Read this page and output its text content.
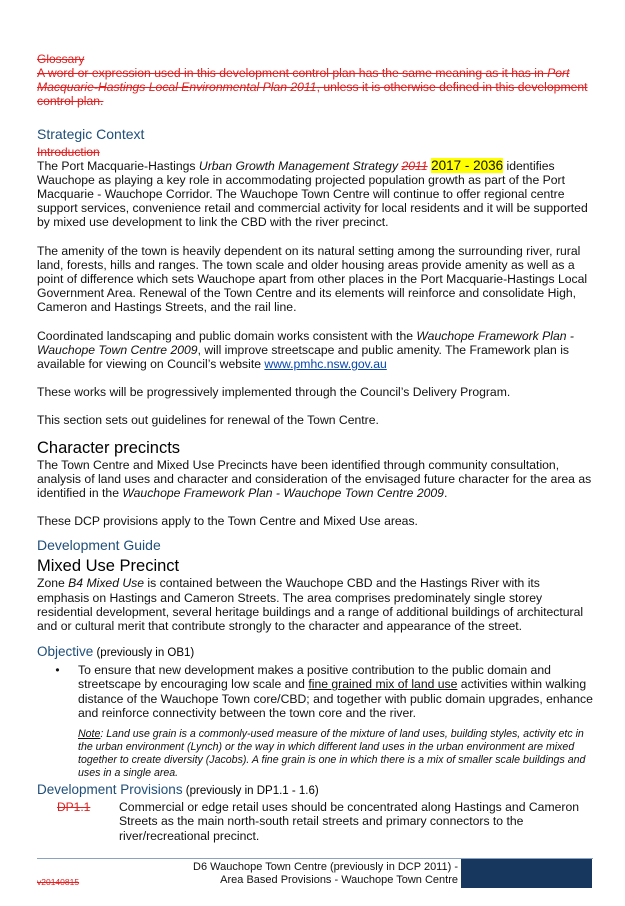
Glossary

A word or expression used in this development control plan has the same meaning as it has in Port Macquarie-Hastings Local Environmental Plan 2011, unless it is otherwise defined in this development control plan.

Strategic Context

Introduction

The Port Macquarie-Hastings Urban Growth Management Strategy 2011 2017 - 2036 identifies Wauchope as playing a key role in accommodating projected population growth as part of the Port Macquarie - Wauchope Corridor. The Wauchope Town Centre will continue to offer regional centre support services, convenience retail and commercial activity for local residents and it will be supported by mixed use development to link the CBD with the river precinct.

The amenity of the town is heavily dependent on its natural setting among the surrounding river, rural land, forests, hills and ranges. The town scale and older housing areas provide amenity as well as a point of difference which sets Wauchope apart from other places in the Port Macquarie-Hastings Local Government Area. Renewal of the Town Centre and its elements will reinforce and consolidate High, Cameron and Hastings Streets, and the rail line.

Coordinated landscaping and public domain works consistent with the Wauchope Framework Plan - Wauchope Town Centre 2009, will improve streetscape and public amenity. The Framework plan is available for viewing on Council’s website www.pmhc.nsw.gov.au

These works will be progressively implemented through the Council’s Delivery Program.

This section sets out guidelines for renewal of the Town Centre.

Character precincts

The Town Centre and Mixed Use Precincts have been identified through community consultation, analysis of land uses and character and consideration of the envisaged future character for the area as identified in the Wauchope Framework Plan - Wauchope Town Centre 2009.

These DCP provisions apply to the Town Centre and Mixed Use areas.

Development Guide

Mixed Use Precinct

Zone B4 Mixed Use is contained between the Wauchope CBD and the Hastings River with its emphasis on Hastings and Cameron Streets. The area comprises predominately single storey residential development, several heritage buildings and a range of additional buildings of architectural and or cultural merit that contribute strongly to the character and appearance of the street.

Objective (previously in OB1)

•	To ensure that new development makes a positive contribution to the public domain and streetscape by encouraging low scale and fine grained mix of land use activities within walking distance of the Wauchope Town core/CBD; and together with public domain upgrades, enhance and reinforce connectivity between the town core and the river.

Note: Land use grain is a commonly-used measure of the mixture of land uses, building styles, activity etc in the urban environment (Lynch) or the way in which different land uses in the urban environment are mixed together to create diversity (Jacobs). A fine grain is one in which there is a mix of smaller scale buildings and uses in a single area.

Development Provisions (previously in DP1.1 - 1.6)

DP1.1	Commercial or edge retail uses should be concentrated along Hastings and Cameron Streets as the main north-south retail streets and primary connectors to the river/recreational precinct.
D6 Wauchope Town Centre (previously in DCP 2011) -
Area Based Provisions - Wauchope Town Centre
v20140815
